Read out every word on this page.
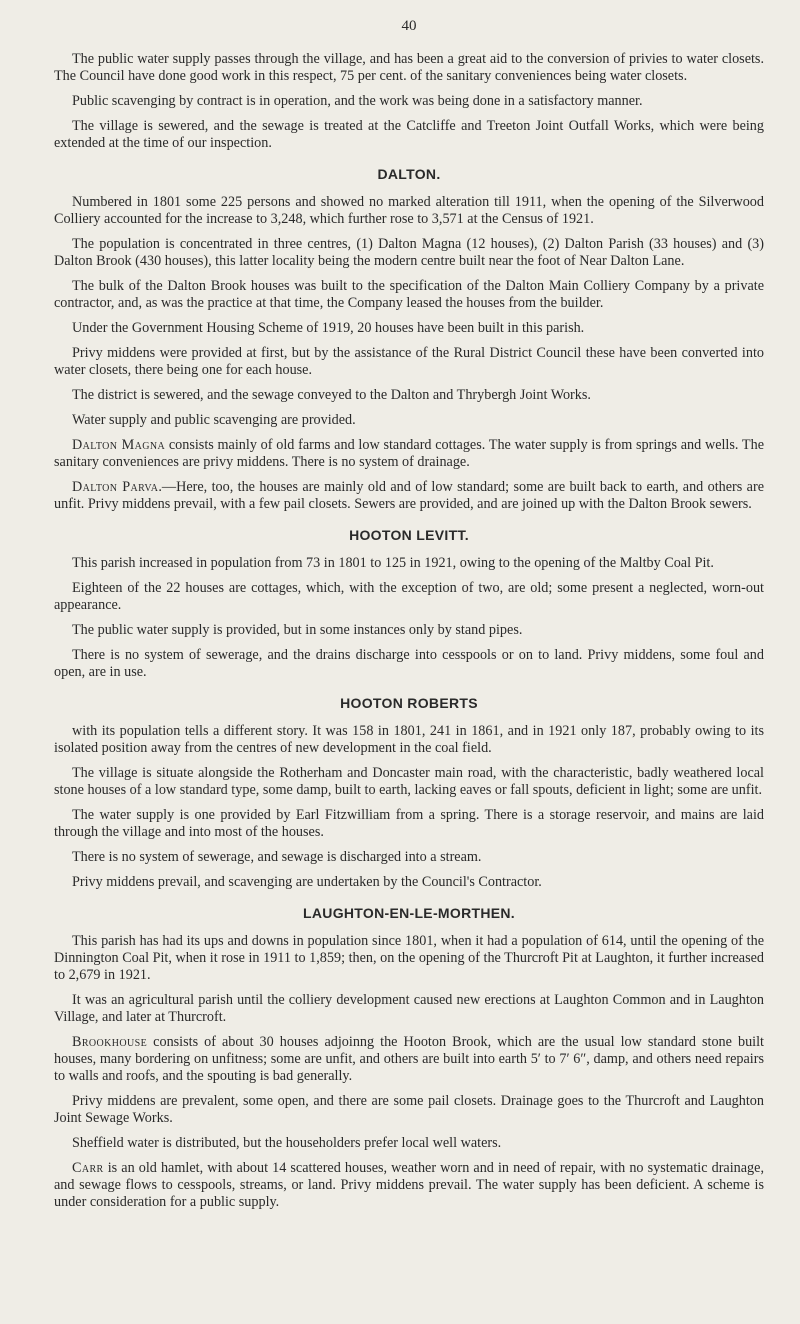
40

The public water supply passes through the village, and has been a great aid to the conversion of privies to water closets. The Council have done good work in this respect, 75 per cent. of the sanitary conveniences being water closets.

Public scavenging by contract is in operation, and the work was being done in a satisfactory manner.

The village is sewered, and the sewage is treated at the Catcliffe and Treeton Joint Outfall Works, which were being extended at the time of our inspection.

DALTON.

Numbered in 1801 some 225 persons and showed no marked alteration till 1911, when the opening of the Silverwood Colliery accounted for the increase to 3,248, which further rose to 3,571 at the Census of 1921.

The population is concentrated in three centres, (1) Dalton Magna (12 houses), (2) Dalton Parish (33 houses) and (3) Dalton Brook (430 houses), this latter locality being the modern centre built near the foot of Near Dalton Lane.

The bulk of the Dalton Brook houses was built to the specification of the Dalton Main Colliery Company by a private contractor, and, as was the practice at that time, the Company leased the houses from the builder.

Under the Government Housing Scheme of 1919, 20 houses have been built in this parish.

Privy middens were provided at first, but by the assistance of the Rural District Council these have been converted into water closets, there being one for each house.

The district is sewered, and the sewage conveyed to the Dalton and Thrybergh Joint Works.

Water supply and public scavenging are provided.

Dalton Magna consists mainly of old farms and low standard cottages. The water supply is from springs and wells. The sanitary conveniences are privy middens. There is no system of drainage.

Dalton Parva.—Here, too, the houses are mainly old and of low standard; some are built back to earth, and others are unfit. Privy middens prevail, with a few pail closets. Sewers are provided, and are joined up with the Dalton Brook sewers.

HOOTON LEVITT.

This parish increased in population from 73 in 1801 to 125 in 1921, owing to the opening of the Maltby Coal Pit.

Eighteen of the 22 houses are cottages, which, with the exception of two, are old; some present a neglected, worn-out appearance.

The public water supply is provided, but in some instances only by stand pipes.

There is no system of sewerage, and the drains discharge into cesspools or on to land. Privy middens, some foul and open, are in use.

HOOTON ROBERTS

with its population tells a different story. It was 158 in 1801, 241 in 1861, and in 1921 only 187, probably owing to its isolated position away from the centres of new development in the coal field.

The village is situate alongside the Rotherham and Doncaster main road, with the characteristic, badly weathered local stone houses of a low standard type, some damp, built to earth, lacking eaves or fall spouts, deficient in light; some are unfit.

The water supply is one provided by Earl Fitzwilliam from a spring. There is a storage reservoir, and mains are laid through the village and into most of the houses.

There is no system of sewerage, and sewage is discharged into a stream.

Privy middens prevail, and scavenging are undertaken by the Council's Contractor.

LAUGHTON-EN-LE-MORTHEN.

This parish has had its ups and downs in population since 1801, when it had a population of 614, until the opening of the Dinnington Coal Pit, when it rose in 1911 to 1,859; then, on the opening of the Thurcroft Pit at Laughton, it further increased to 2,679 in 1921.

It was an agricultural parish until the colliery development caused new erections at Laughton Common and in Laughton Village, and later at Thurcroft.

Brookhouse consists of about 30 houses adjoinng the Hooton Brook, which are the usual low standard stone built houses, many bordering on unfitness; some are unfit, and others are built into earth 5′ to 7′ 6″, damp, and others need repairs to walls and roofs, and the spouting is bad generally.

Privy middens are prevalent, some open, and there are some pail closets. Drainage goes to the Thurcroft and Laughton Joint Sewage Works.

Sheffield water is distributed, but the householders prefer local well waters.

Carr is an old hamlet, with about 14 scattered houses, weather worn and in need of repair, with no systematic drainage, and sewage flows to cesspools, streams, or land. Privy middens prevail. The water supply has been deficient. A scheme is under consideration for a public supply.
